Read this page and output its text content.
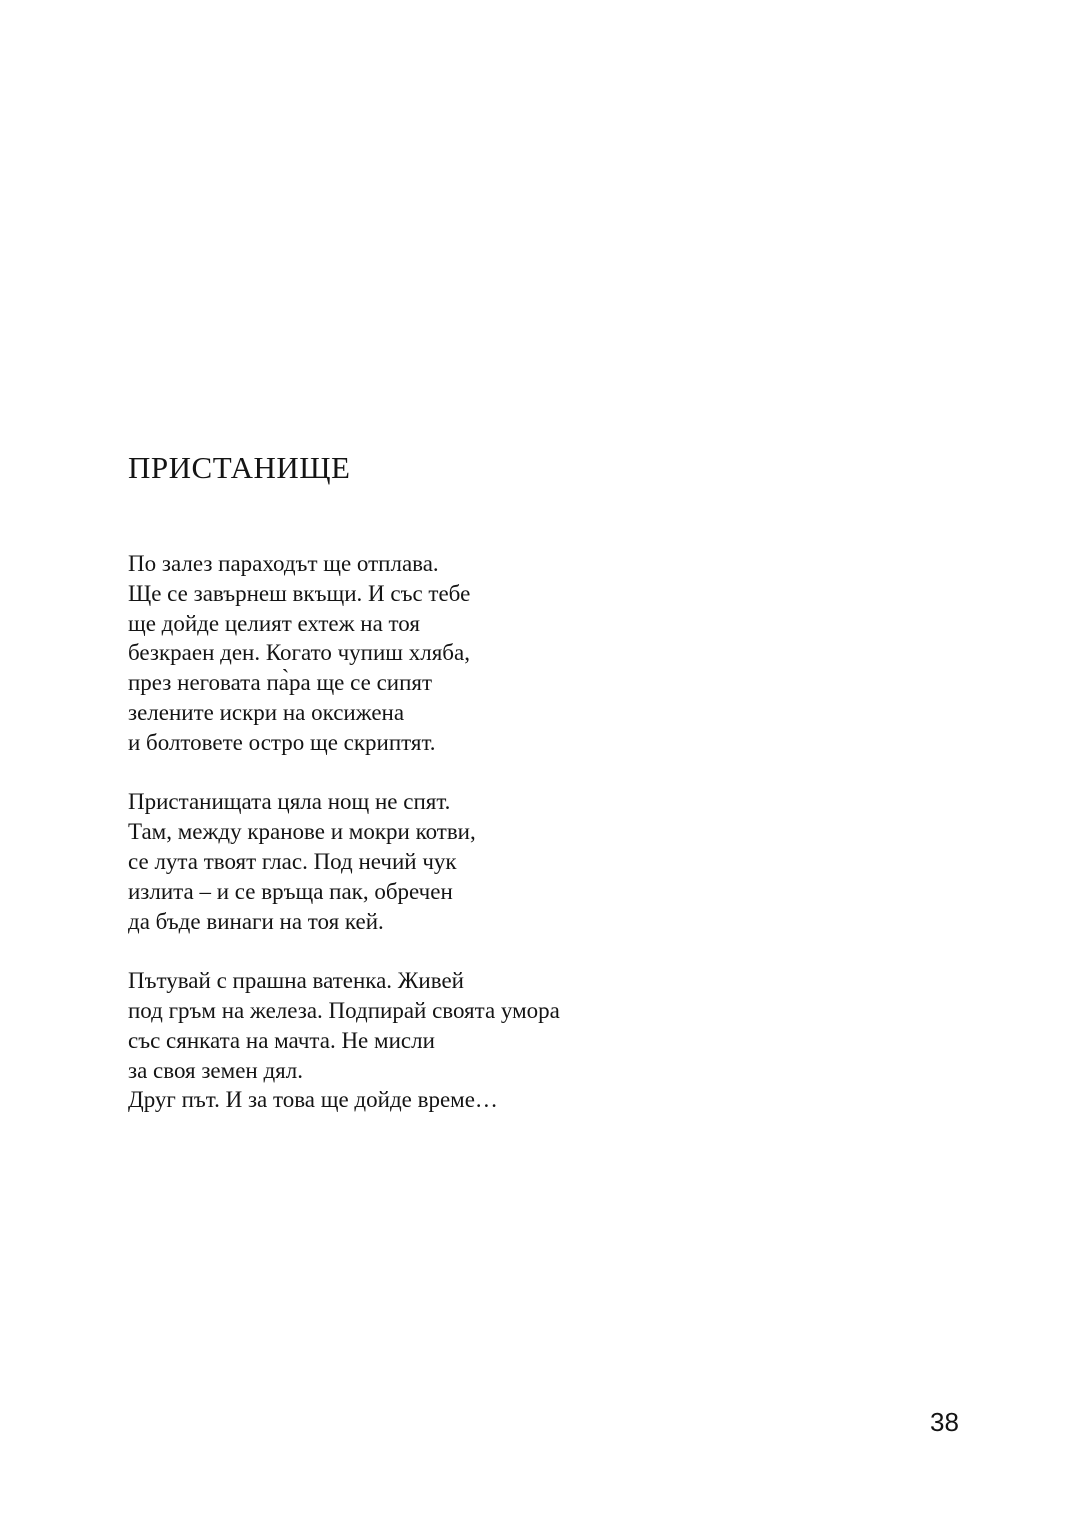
ПРИСТАНИЩЕ
По залез параходът ще отплава.
Ще се завърнеш вкъщи. И със тебе
ще дойде целият ехтеж на тоя
безкраен ден. Когато чупиш хляба,
през неговата па̀ра ще се сипят
зелените искри на оксижена
и болтовете остро ще скриптят.
Пристанищата цяла нощ не спят.
Там, между кранове и мокри котви,
се лута твоят глас. Под нечий чук
излита – и се връща пак, обречен
да бъде винаги на тоя кей.
Пътувай с прашна ватенка. Живей
под гръм на железа. Подпирай своята умора
със сянката на мачта. Не мисли
за своя земен дял.
Друг път. И за това ще дойде време…
38
